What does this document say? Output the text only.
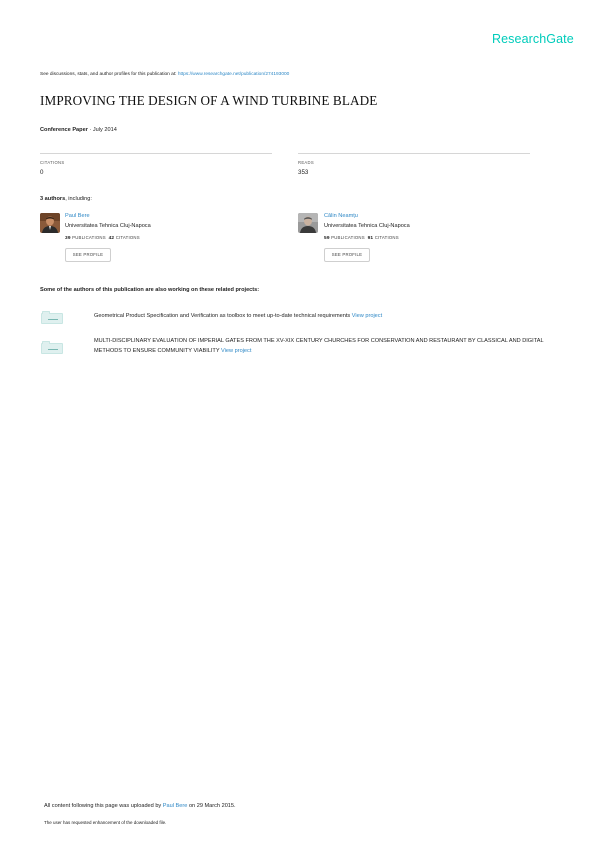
ResearchGate
See discussions, stats, and author profiles for this publication at: https://www.researchgate.net/publication/274193000
IMPROVING THE DESIGN OF A WIND TURBINE BLADE
Conference Paper · July 2014
CITATIONS
0
READS
353
3 authors, including:
Paul Bere
Universitatea Tehnica Cluj-Napoca
39 PUBLICATIONS 42 CITATIONS
SEE PROFILE
Călin Neamțu
Universitatea Tehnica Cluj-Napoca
59 PUBLICATIONS 91 CITATIONS
SEE PROFILE
Some of the authors of this publication are also working on these related projects:
Geometrical Product Specification and Verification as toolbox to meet up-to-date technical requirements View project
MULTI-DISCIPLINARY EVALUATION OF IMPERIAL GATES FROM THE XV-XIX CENTURY CHURCHES FOR CONSERVATION AND RESTAURANT BY CLASSICAL AND DIGITAL
METHODS TO ENSURE COMMUNITY VIABILITY View project
All content following this page was uploaded by Paul Bere on 29 March 2015.
The user has requested enhancement of the downloaded file.
